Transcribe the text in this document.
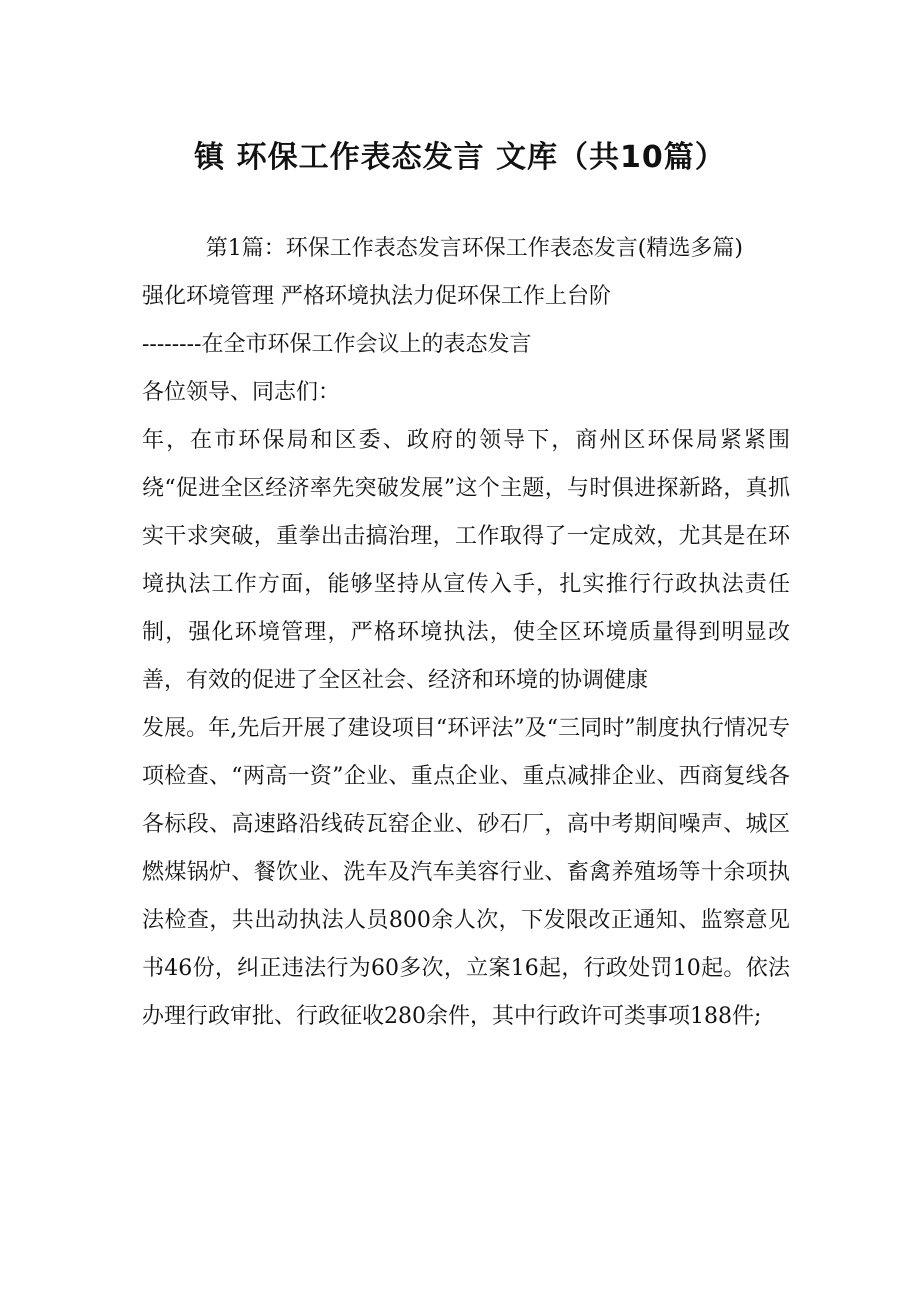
镇 环保工作表态发言 文库（共10篇）

第1篇：环保工作表态发言环保工作表态发言(精选多篇)

强化环境管理 严格环境执法力促环保工作上台阶

--------在全市环保工作会议上的表态发言

各位领导、同志们：

年，在市环保局和区委、政府的领导下，商州区环保局紧紧围绕“促进全区经济率先突破发展”这个主题，与时俱进探新路，真抓实干求突破，重拳出击搞治理，工作取得了一定成效，尤其是在环境执法工作方面，能够坚持从宣传入手，扎实推行行政执法责任制，强化环境管理，严格环境执法，使全区环境质量得到明显改善，有效的促进了全区社会、经济和环境的协调健康

发展。年,先后开展了建设项目“环评法”及“三同时”制度执行情况专项检查、“两高一资”企业、重点企业、重点减排企业、西商复线各各标段、高速路沿线砖瓦窑企业、砂石厂，高中考期间噪声、城区燃煤锅炉、餐饮业、洗车及汽车美容行业、畜禽养殖场等十余项执法检查，共出动执法人员800余人次，下发限改正通知、监察意见书46份，纠正违法行为60多次，立案16起，行政处罚10起。依法办理行政审批、行政征收280余件，其中行政许可类事项188件;
